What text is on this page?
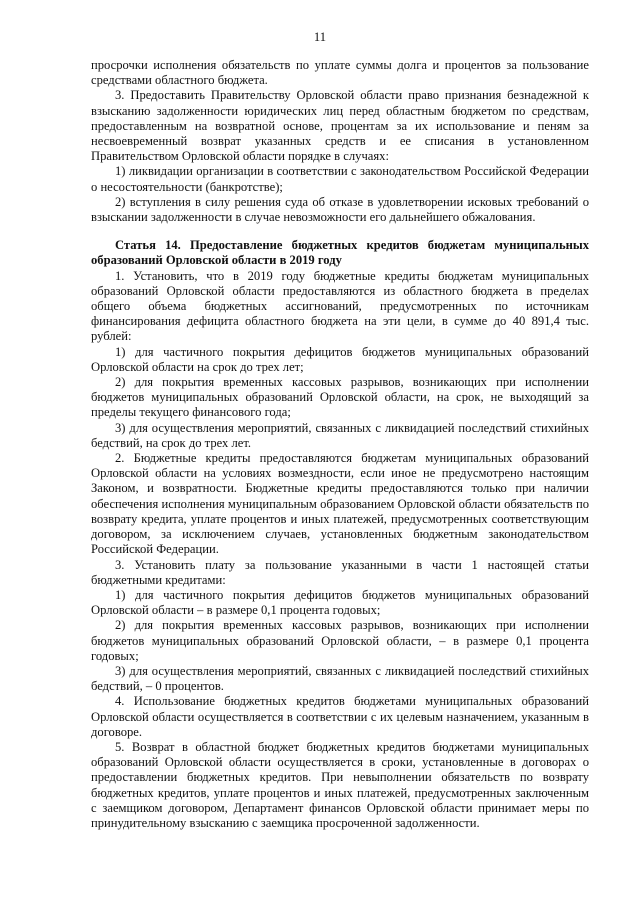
11

просрочки исполнения обязательств по уплате суммы долга и процентов за пользование средствами областного бюджета.

3. Предоставить Правительству Орловской области право признания безнадежной к взысканию задолженности юридических лиц перед областным бюджетом по средствам, предоставленным на возвратной основе, процентам за их использование и пеням за несвоевременный возврат указанных средств и ее списания в установленном Правительством Орловской области порядке в случаях:

1) ликвидации организации в соответствии с законодательством Российской Федерации о несостоятельности (банкротстве);

2) вступления в силу решения суда об отказе в удовлетворении исковых требований о взыскании задолженности в случае невозможности его дальнейшего обжалования.

Статья 14. Предоставление бюджетных кредитов бюджетам муниципальных образований Орловской области в 2019 году

1. Установить, что в 2019 году бюджетные кредиты бюджетам муниципальных образований Орловской области предоставляются из областного бюджета в пределах общего объема бюджетных ассигнований, предусмотренных по источникам финансирования дефицита областного бюджета на эти цели, в сумме до 40 891,4 тыс. рублей:

1) для частичного покрытия дефицитов бюджетов муниципальных образований Орловской области на срок до трех лет;

2) для покрытия временных кассовых разрывов, возникающих при исполнении бюджетов муниципальных образований Орловской области, на срок, не выходящий за пределы текущего финансового года;

3) для осуществления мероприятий, связанных с ликвидацией последствий стихийных бедствий, на срок до трех лет.

2. Бюджетные кредиты предоставляются бюджетам муниципальных образований Орловской области на условиях возмездности, если иное не предусмотрено настоящим Законом, и возвратности. Бюджетные кредиты предоставляются только при наличии обеспечения исполнения муниципальным образованием Орловской области обязательств по возврату кредита, уплате процентов и иных платежей, предусмотренных соответствующим договором, за исключением случаев, установленных бюджетным законодательством Российской Федерации.

3. Установить плату за пользование указанными в части 1 настоящей статьи бюджетными кредитами:

1) для частичного покрытия дефицитов бюджетов муниципальных образований Орловской области – в размере 0,1 процента годовых;

2) для покрытия временных кассовых разрывов, возникающих при исполнении бюджетов муниципальных образований Орловской области, – в размере 0,1 процента годовых;

3) для осуществления мероприятий, связанных с ликвидацией последствий стихийных бедствий, – 0 процентов.

4. Использование бюджетных кредитов бюджетами муниципальных образований Орловской области осуществляется в соответствии с их целевым назначением, указанным в договоре.

5. Возврат в областной бюджет бюджетных кредитов бюджетами муниципальных образований Орловской области осуществляется в сроки, установленные в договорах о предоставлении бюджетных кредитов. При невыполнении обязательств по возврату бюджетных кредитов, уплате процентов и иных платежей, предусмотренных заключенным с заемщиком договором, Департамент финансов Орловской области принимает меры по принудительному взысканию с заемщика просроченной задолженности.
